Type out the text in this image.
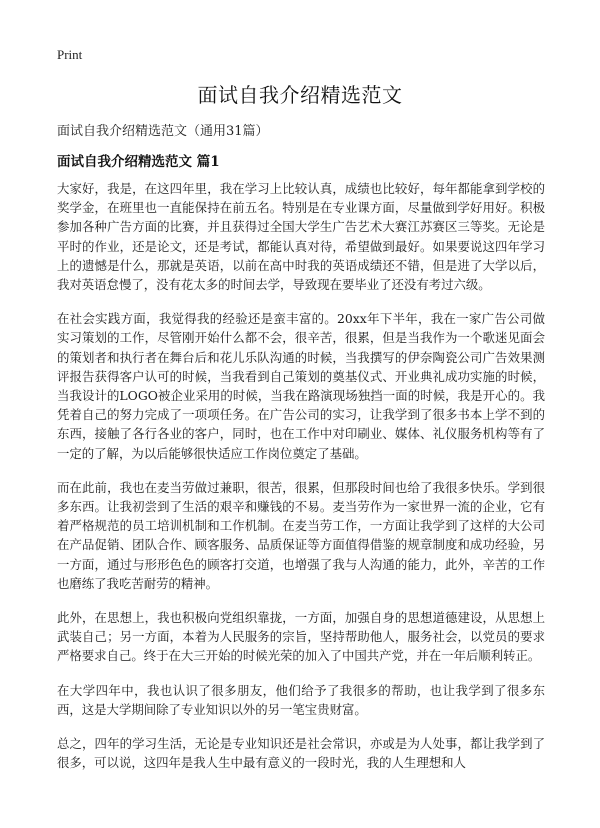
Print
面试自我介绍精选范文
面试自我介绍精选范文（通用31篇）
面试自我介绍精选范文 篇1

大家好，我是，在这四年里，我在学习上比较认真，成绩也比较好，每年都能拿到学校的奖学金，在班里也一直能保持在前五名。特别是在专业课方面，尽量做到学好用好。积极参加各种广告方面的比赛，并且获得过全国大学生广告艺术大赛江苏赛区三等奖。无论是平时的作业，还是论文，还是考试，都能认真对待，希望做到最好。如果要说这四年学习上的遗憾是什么，那就是英语，以前在高中时我的英语成绩还不错，但是进了大学以后，我对英语怠慢了，没有花太多的时间去学，导致现在要毕业了还没有考过六级。

在社会实践方面，我觉得我的经验还是蛮丰富的。20xx年下半年，我在一家广告公司做实习策划的工作，尽管刚开始什么都不会，很辛苦，很累，但是当我作为一个歌迷见面会的策划者和执行者在舞台后和花儿乐队沟通的时候，当我撰写的伊奈陶瓷公司广告效果测评报告获得客户认可的时候，当我看到自己策划的奠基仪式、开业典礼成功实施的时候，当我设计的LOGO被企业采用的时候，当我在路演现场独挡一面的时候，我是开心的。我凭着自己的努力完成了一项项任务。在广告公司的实习，让我学到了很多书本上学不到的东西，接触了各行各业的客户，同时，也在工作中对印刷业、媒体、礼仪服务机构等有了一定的了解，为以后能够很快适应工作岗位奠定了基础。

而在此前，我也在麦当劳做过兼职，很苦，很累，但那段时间也给了我很多快乐。学到很多东西。让我初尝到了生活的艰辛和赚钱的不易。麦当劳作为一家世界一流的企业，它有着严格规范的员工培训机制和工作机制。在麦当劳工作，一方面让我学到了这样的大公司在产品促销、团队合作、顾客服务、品质保证等方面值得借鉴的规章制度和成功经验，另一方面，通过与形形色色的顾客打交道，也增强了我与人沟通的能力，此外，辛苦的工作也磨练了我吃苦耐劳的精神。

此外，在思想上，我也积极向党组织靠拢，一方面，加强自身的思想道德建设，从思想上武装自己；另一方面，本着为人民服务的宗旨，坚持帮助他人，服务社会，以党员的要求严格要求自己。终于在大三开始的时候光荣的加入了中国共产党，并在一年后顺利转正。

在大学四年中，我也认识了很多朋友，他们给予了我很多的帮助，也让我学到了很多东西，这是大学期间除了专业知识以外的另一笔宝贵财富。

总之，四年的学习生活，无论是专业知识还是社会常识，亦或是为人处事，都让我学到了很多，可以说，这四年是我人生中最有意义的一段时光，我的人生理想和人
